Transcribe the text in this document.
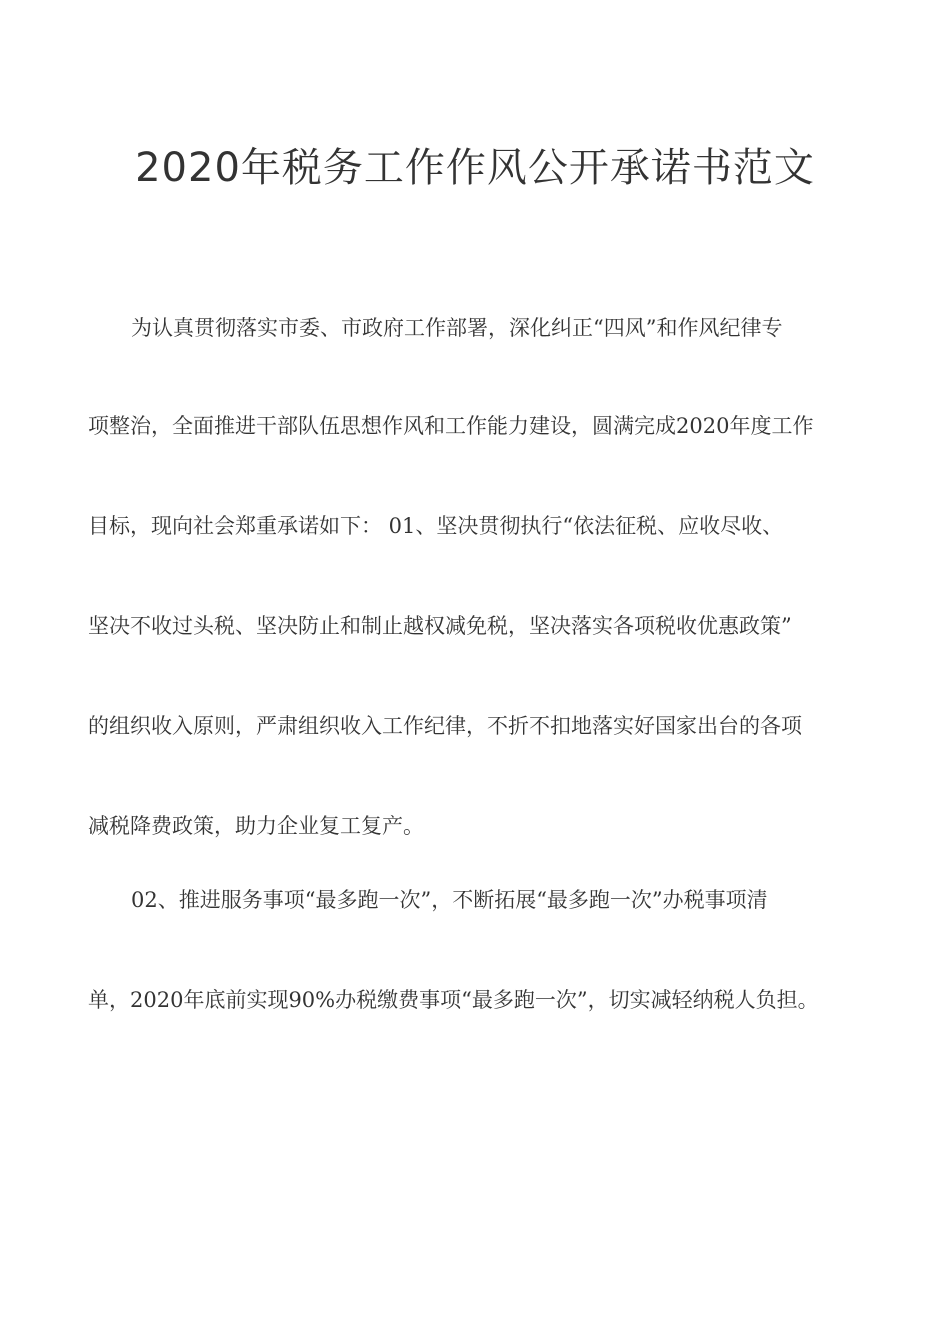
2020年税务工作作风公开承诺书范文
为认真贯彻落实市委、市政府工作部署，深化纠正“四风”和作风纪律专
项整治，全面推进干部队伍思想作风和工作能力建设，圆满完成2020年度工作
目标，现向社会郑重承诺如下： 01、坚决贯彻执行“依法征税、应收尽收、
坚决不收过头税、坚决防止和制止越权减免税，坚决落实各项税收优惠政策”
的组织收入原则，严肃组织收入工作纪律，不折不扣地落实好国家出台的各项
减税降费政策，助力企业复工复产。
02、推进服务事项“最多跑一次”，不断拓展“最多跑一次”办税事项清
单，2020年底前实现90%办税缴费事项“最多跑一次”，切实减轻纳税人负担。
